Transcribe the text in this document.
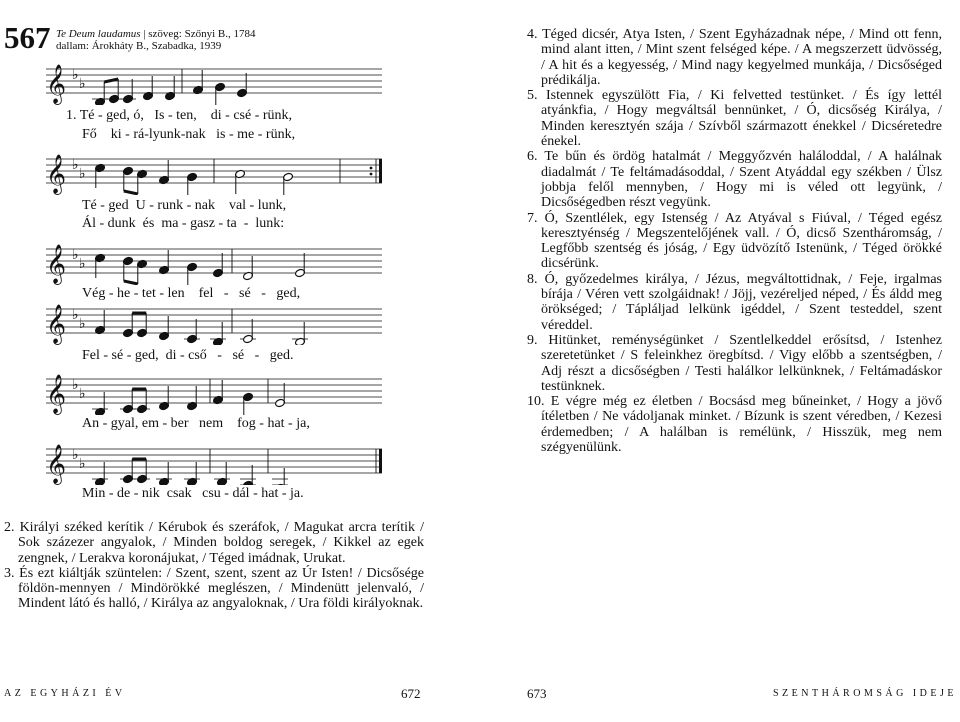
567 Te Deum laudamus | szöveg: Szőnyi B., 1784
dallam: Árokháty B., Szabadka, 1939
𝄞 ♭
♭
𝄞 ♭
♭
𝄞 ♭
♭
𝄞 ♭
♭
𝄞 ♭
♭
𝄞 ♭
♭
1. Té - ged, ó,   Is - ten,    di - csé - rünk,
Fő    ki - rá-lyunk-nak   is - me - rünk,
Té - ged  U - runk - nak    val - lunk,
Ál - dunk  és  ma - gasz - ta  -  lunk:
Vég - he - tet - len    fel   -   sé   -   ged,
Fel - sé - ged,  di - cső   -   sé   -   ged.
An - gyal, em - ber   nem    fog - hat - ja,
Min - de - nik  csak   csu - dál - hat - ja.

2. Királyi széked kerítik / Kérubok és szeráfok, / Magukat arcra terítik / Sok százezer angyalok, / Minden boldog seregek, / Kikkel az egek zengnek, / Lerakva koronájukat, / Téged imádnak, Urukat.

3. És ezt kiáltják szüntelen: / Szent, szent, szent az Úr Isten! / Dicsősége földön-mennyen / Mindörökké meglészen, / Mindenütt jelenvaló, / Mindent látó és halló, / Királya az angyaloknak, / Ura földi királyoknak.

4. Téged dicsér, Atya Isten, / Szent Egyházadnak népe, / Mind ott fenn, mind alant itten, / Mint szent felséged képe. / A megszerzett üdvösség, / A hit és a kegyesség, / Mind nagy kegyelmed munkája, / Dicsőséged prédikálja.

5. Istennek egyszülött Fia, / Ki felvetted testünket. / És így lettél atyánkfia, / Hogy megváltsál bennünket, / Ó, dicsőség Királya, / Minden keresztyén szája / Szívből származott énekkel / Dicséretedre énekel.

6. Te bűn és ördög hatalmát / Meggyőzvén haláloddal, / A halálnak diadalmát / Te feltámadásoddal, / Szent Atyáddal egy székben / Ülsz jobbja felől mennyben, / Hogy mi is véled ott legyünk, / Dicsőségedben részt vegyünk.

7. Ó, Szentlélek, egy Istenség / Az Atyával s Fiúval, / Téged egész keresztyénség / Megszentelőjének vall. / Ó, dicső Szentháromság, / Legfőbb szentség és jóság, / Egy üdvözítő Istenünk, / Téged örökké dicsérünk.

8. Ó, győzedelmes királya, / Jézus, megváltottidnak, / Feje, irgalmas bírája / Véren vett szolgáidnak! / Jöjj, vezéreljed néped, / És áldd meg örökséged; / Tápláljad lelkünk igéddel, / Szent testeddel, szent véreddel.

9. Hitünket, reménységünket / Szentlelkeddel erősítsd, / Istenhez szeretetünket / S feleinkhez öregbítsd. / Vigy előbb a szentségben, / Adj részt a dicsőségben / Testi halálkor lelkünknek, / Feltámadáskor testünknek.

10. E végre még ez életben / Bocsásd meg bűneinket, / Hogy a jövő ítéletben / Ne vádoljanak minket. / Bízunk is szent véredben, / Kezesi érdemedben; / A halálban is remélünk, / Hisszük, meg nem szégyenülünk.

AZ EGYHÁZI ÉV	672	673	SZENTHÁROMSÁG IDEJE
